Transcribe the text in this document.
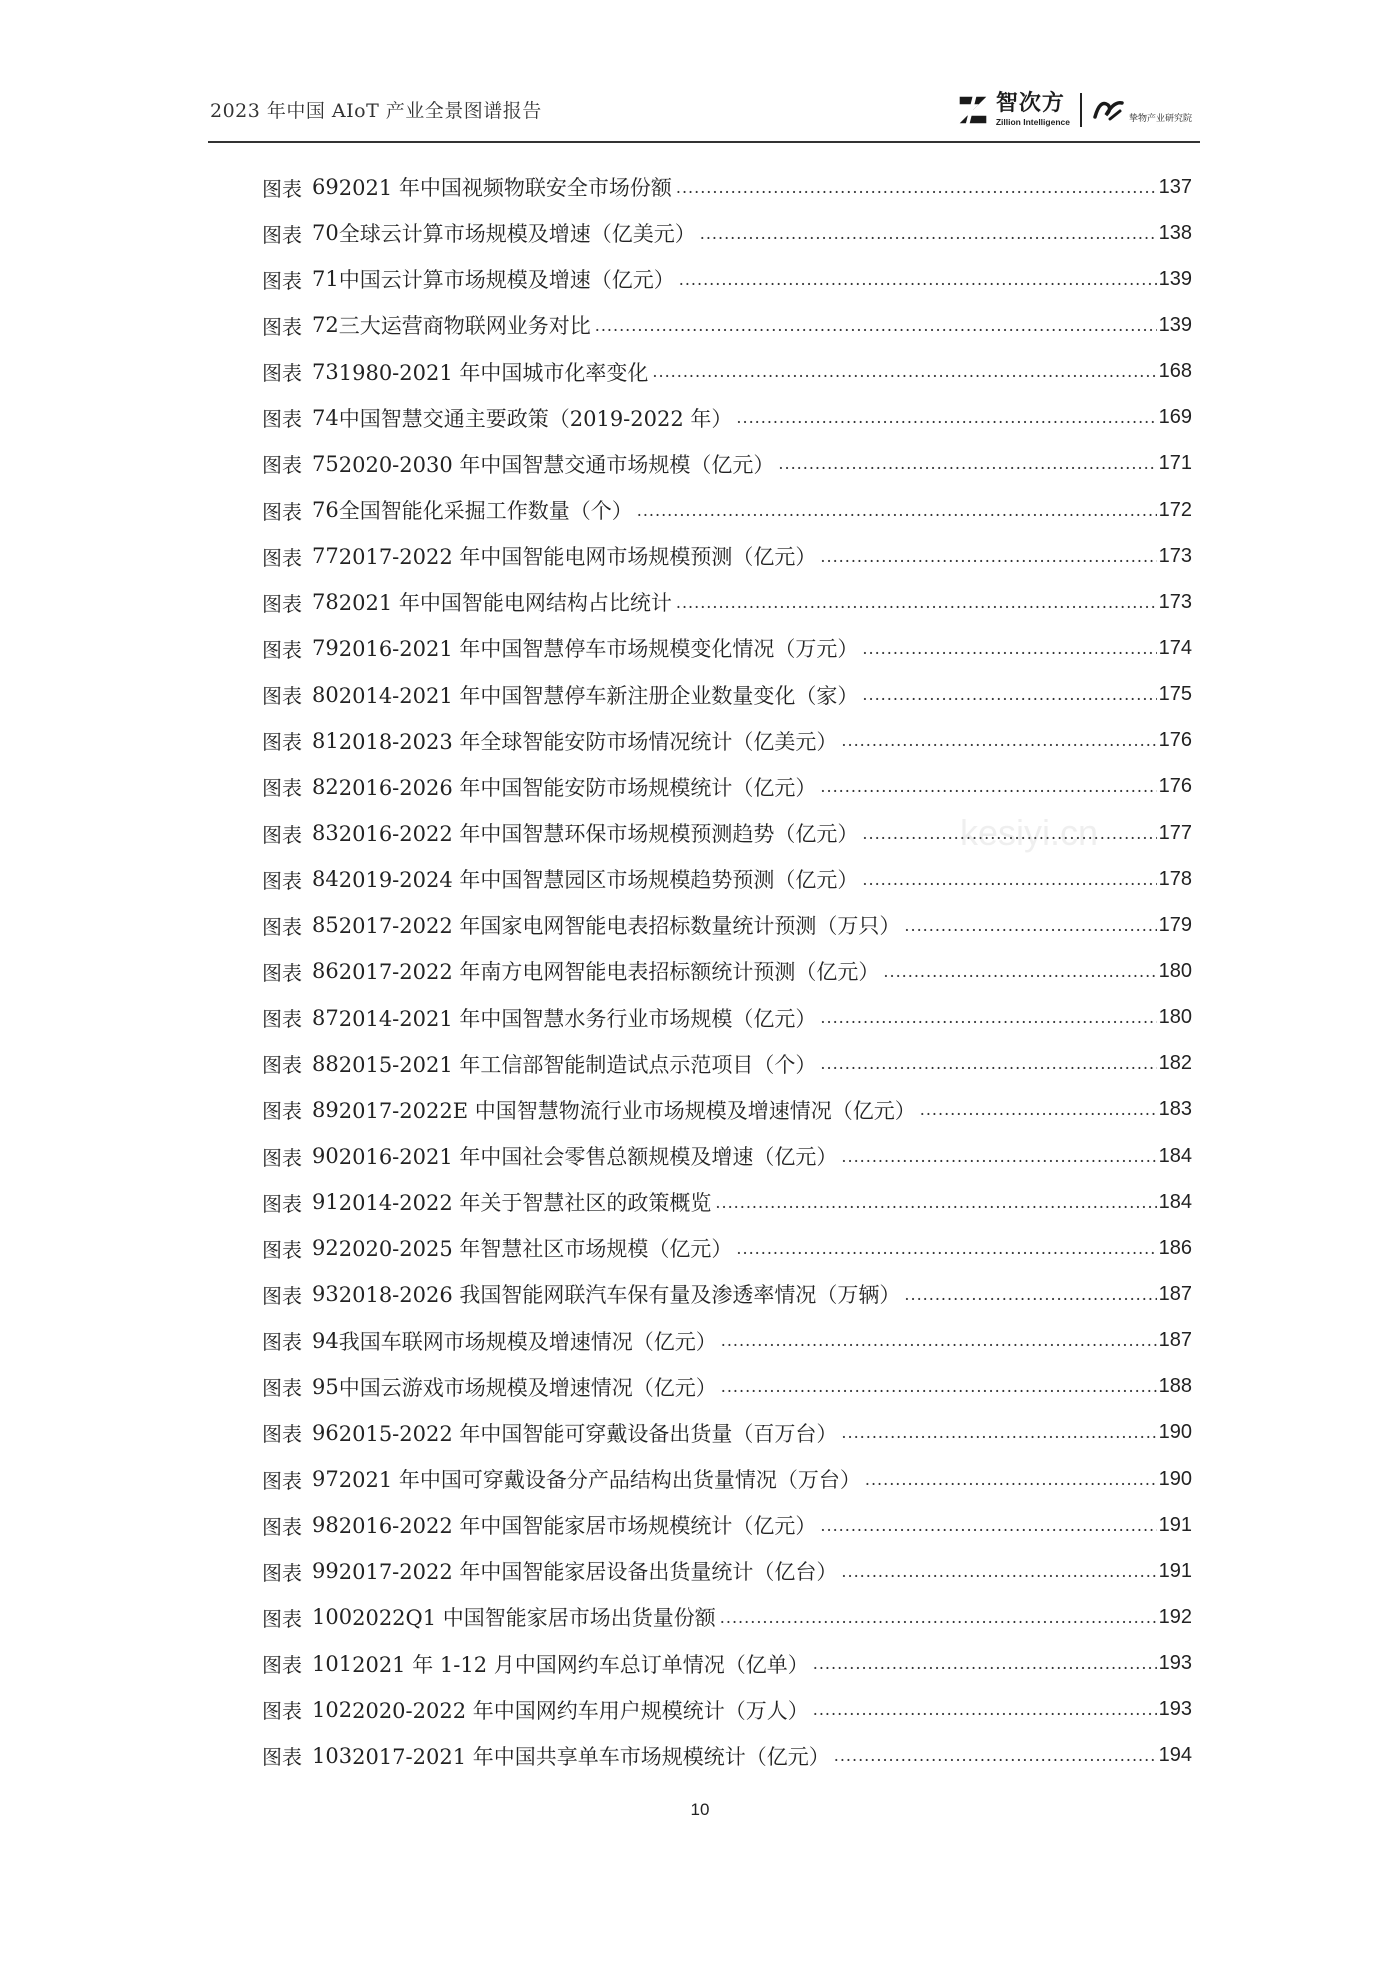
2023 年中国 AIoT 产业全景图谱报告	智次方
Zillion Intelligence	挚物产业研究院
图表 69 2021 年中国视频物联安全市场份额 .....	137
图表 70 全球云计算市场规模及增速（亿美元） .....	138
图表 71 中国云计算市场规模及增速（亿元） .....	139
图表 72 三大运营商物联网业务对比 .....	139
图表 73 1980-2021 年中国城市化率变化 .....	168
图表 74 中国智慧交通主要政策（2019-2022 年） .....	169
图表 75 2020-2030 年中国智慧交通市场规模（亿元） .....	171
图表 76 全国智能化采掘工作数量（个） .....	172
图表 77 2017-2022 年中国智能电网市场规模预测（亿元） .....	173
图表 78 2021 年中国智能电网结构占比统计 .....	173
图表 79 2016-2021 年中国智慧停车市场规模变化情况（万元） .....	174
图表 80 2014-2021 年中国智慧停车新注册企业数量变化（家） .....	175
图表 81 2018-2023 年全球智能安防市场情况统计（亿美元） .....	176
图表 82 2016-2026 年中国智能安防市场规模统计（亿元） .....	176
图表 83 2016-2022 年中国智慧环保市场规模预测趋势（亿元） .....	177
图表 84 2019-2024 年中国智慧园区市场规模趋势预测（亿元） .....	178
图表 85 2017-2022 年国家电网智能电表招标数量统计预测（万只） .....	179
图表 86 2017-2022 年南方电网智能电表招标额统计预测（亿元） .....	180
图表 87 2014-2021 年中国智慧水务行业市场规模（亿元） .....	180
图表 88 2015-2021 年工信部智能制造试点示范项目（个） .....	182
图表 89 2017-2022E 中国智慧物流行业市场规模及增速情况（亿元） .....	183
图表 90 2016-2021 年中国社会零售总额规模及增速（亿元） .....	184
图表 91 2014-2022 年关于智慧社区的政策概览 .....	184
图表 92 2020-2025 年智慧社区市场规模（亿元） .....	186
图表 93 2018-2026 我国智能网联汽车保有量及渗透率情况（万辆） .....	187
图表 94 我国车联网市场规模及增速情况（亿元） .....	187
图表 95 中国云游戏市场规模及增速情况（亿元） .....	188
图表 96 2015-2022 年中国智能可穿戴设备出货量（百万台） .....	190
图表 97 2021 年中国可穿戴设备分产品结构出货量情况（万台） .....	190
图表 98 2016-2022 年中国智能家居市场规模统计（亿元） .....	191
图表 99 2017-2022 年中国智能家居设备出货量统计（亿台） .....	191
图表 100 2022Q1 中国智能家居市场出货量份额 .....	192
图表 101 2021 年 1-12 月中国网约车总订单情况（亿单） .....	193
图表 102 2020-2022 年中国网约车用户规模统计（万人） .....	193
图表 103 2017-2021 年中国共享单车市场规模统计（亿元） .....	194
kesiyi.cn
10
